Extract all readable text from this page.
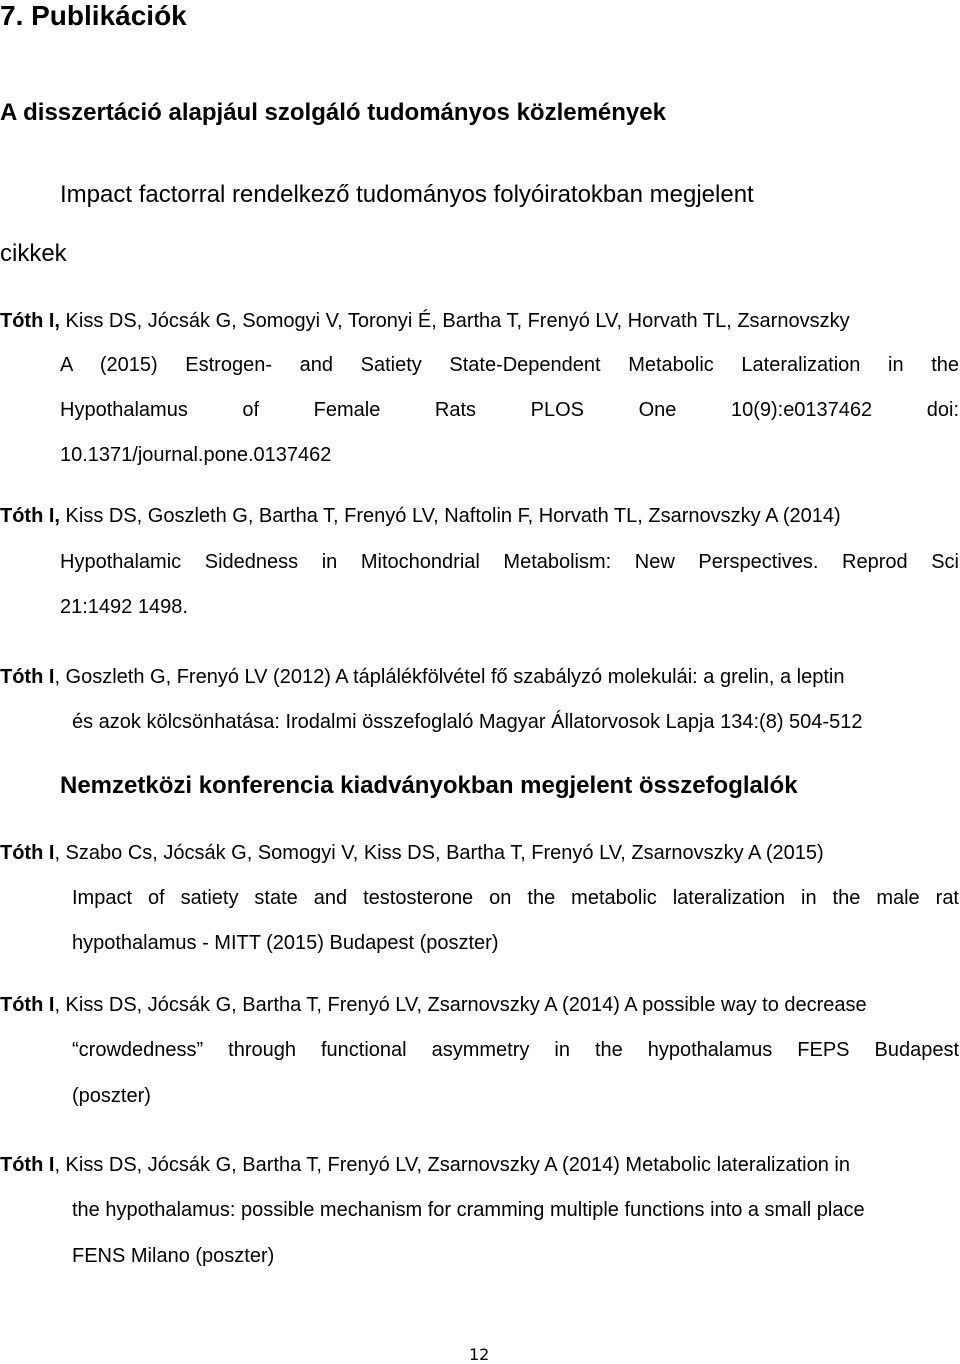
7. Publikációk
A disszertáció alapjául szolgáló tudományos közlemények
Impact factorral rendelkező tudományos folyóiratokban megjelent
cikkek
Tóth I, Kiss DS, Jócsák G, Somogyi V, Toronyi É, Bartha T, Frenyó LV, Horvath TL, Zsarnovszky
A (2015) Estrogen- and Satiety State-Dependent Metabolic Lateralization in the
Hypothalamus of Female Rats PLOS One 10(9):e0137462 doi:
10.1371/journal.pone.0137462
Tóth I, Kiss DS, Goszleth G, Bartha T, Frenyó LV, Naftolin F, Horvath TL, Zsarnovszky A (2014)
Hypothalamic Sidedness in Mitochondrial Metabolism: New Perspectives. Reprod Sci
21:1492 1498.
Tóth I, Goszleth G, Frenyó LV (2012) A táplálékfölvétel fő szabályzó molekulái: a grelin, a leptin
és azok kölcsönhatása: Irodalmi összefoglaló Magyar Állatorvosok Lapja 134:(8) 504-512
Nemzetközi konferencia kiadványokban megjelent összefoglalók
Tóth I, Szabo Cs, Jócsák G, Somogyi V, Kiss DS, Bartha T, Frenyó LV, Zsarnovszky A (2015)
Impact of satiety state and testosterone on the metabolic lateralization in the male rat
hypothalamus - MITT (2015) Budapest (poszter)
Tóth I, Kiss DS, Jócsák G, Bartha T, Frenyó LV, Zsarnovszky A (2014) A possible way to decrease
“crowdedness” through functional asymmetry in the hypothalamus FEPS Budapest
(poszter)
Tóth I, Kiss DS, Jócsák G, Bartha T, Frenyó LV, Zsarnovszky A (2014) Metabolic lateralization in
the hypothalamus: possible mechanism for cramming multiple functions into a small place
FENS Milano (poszter)
12
